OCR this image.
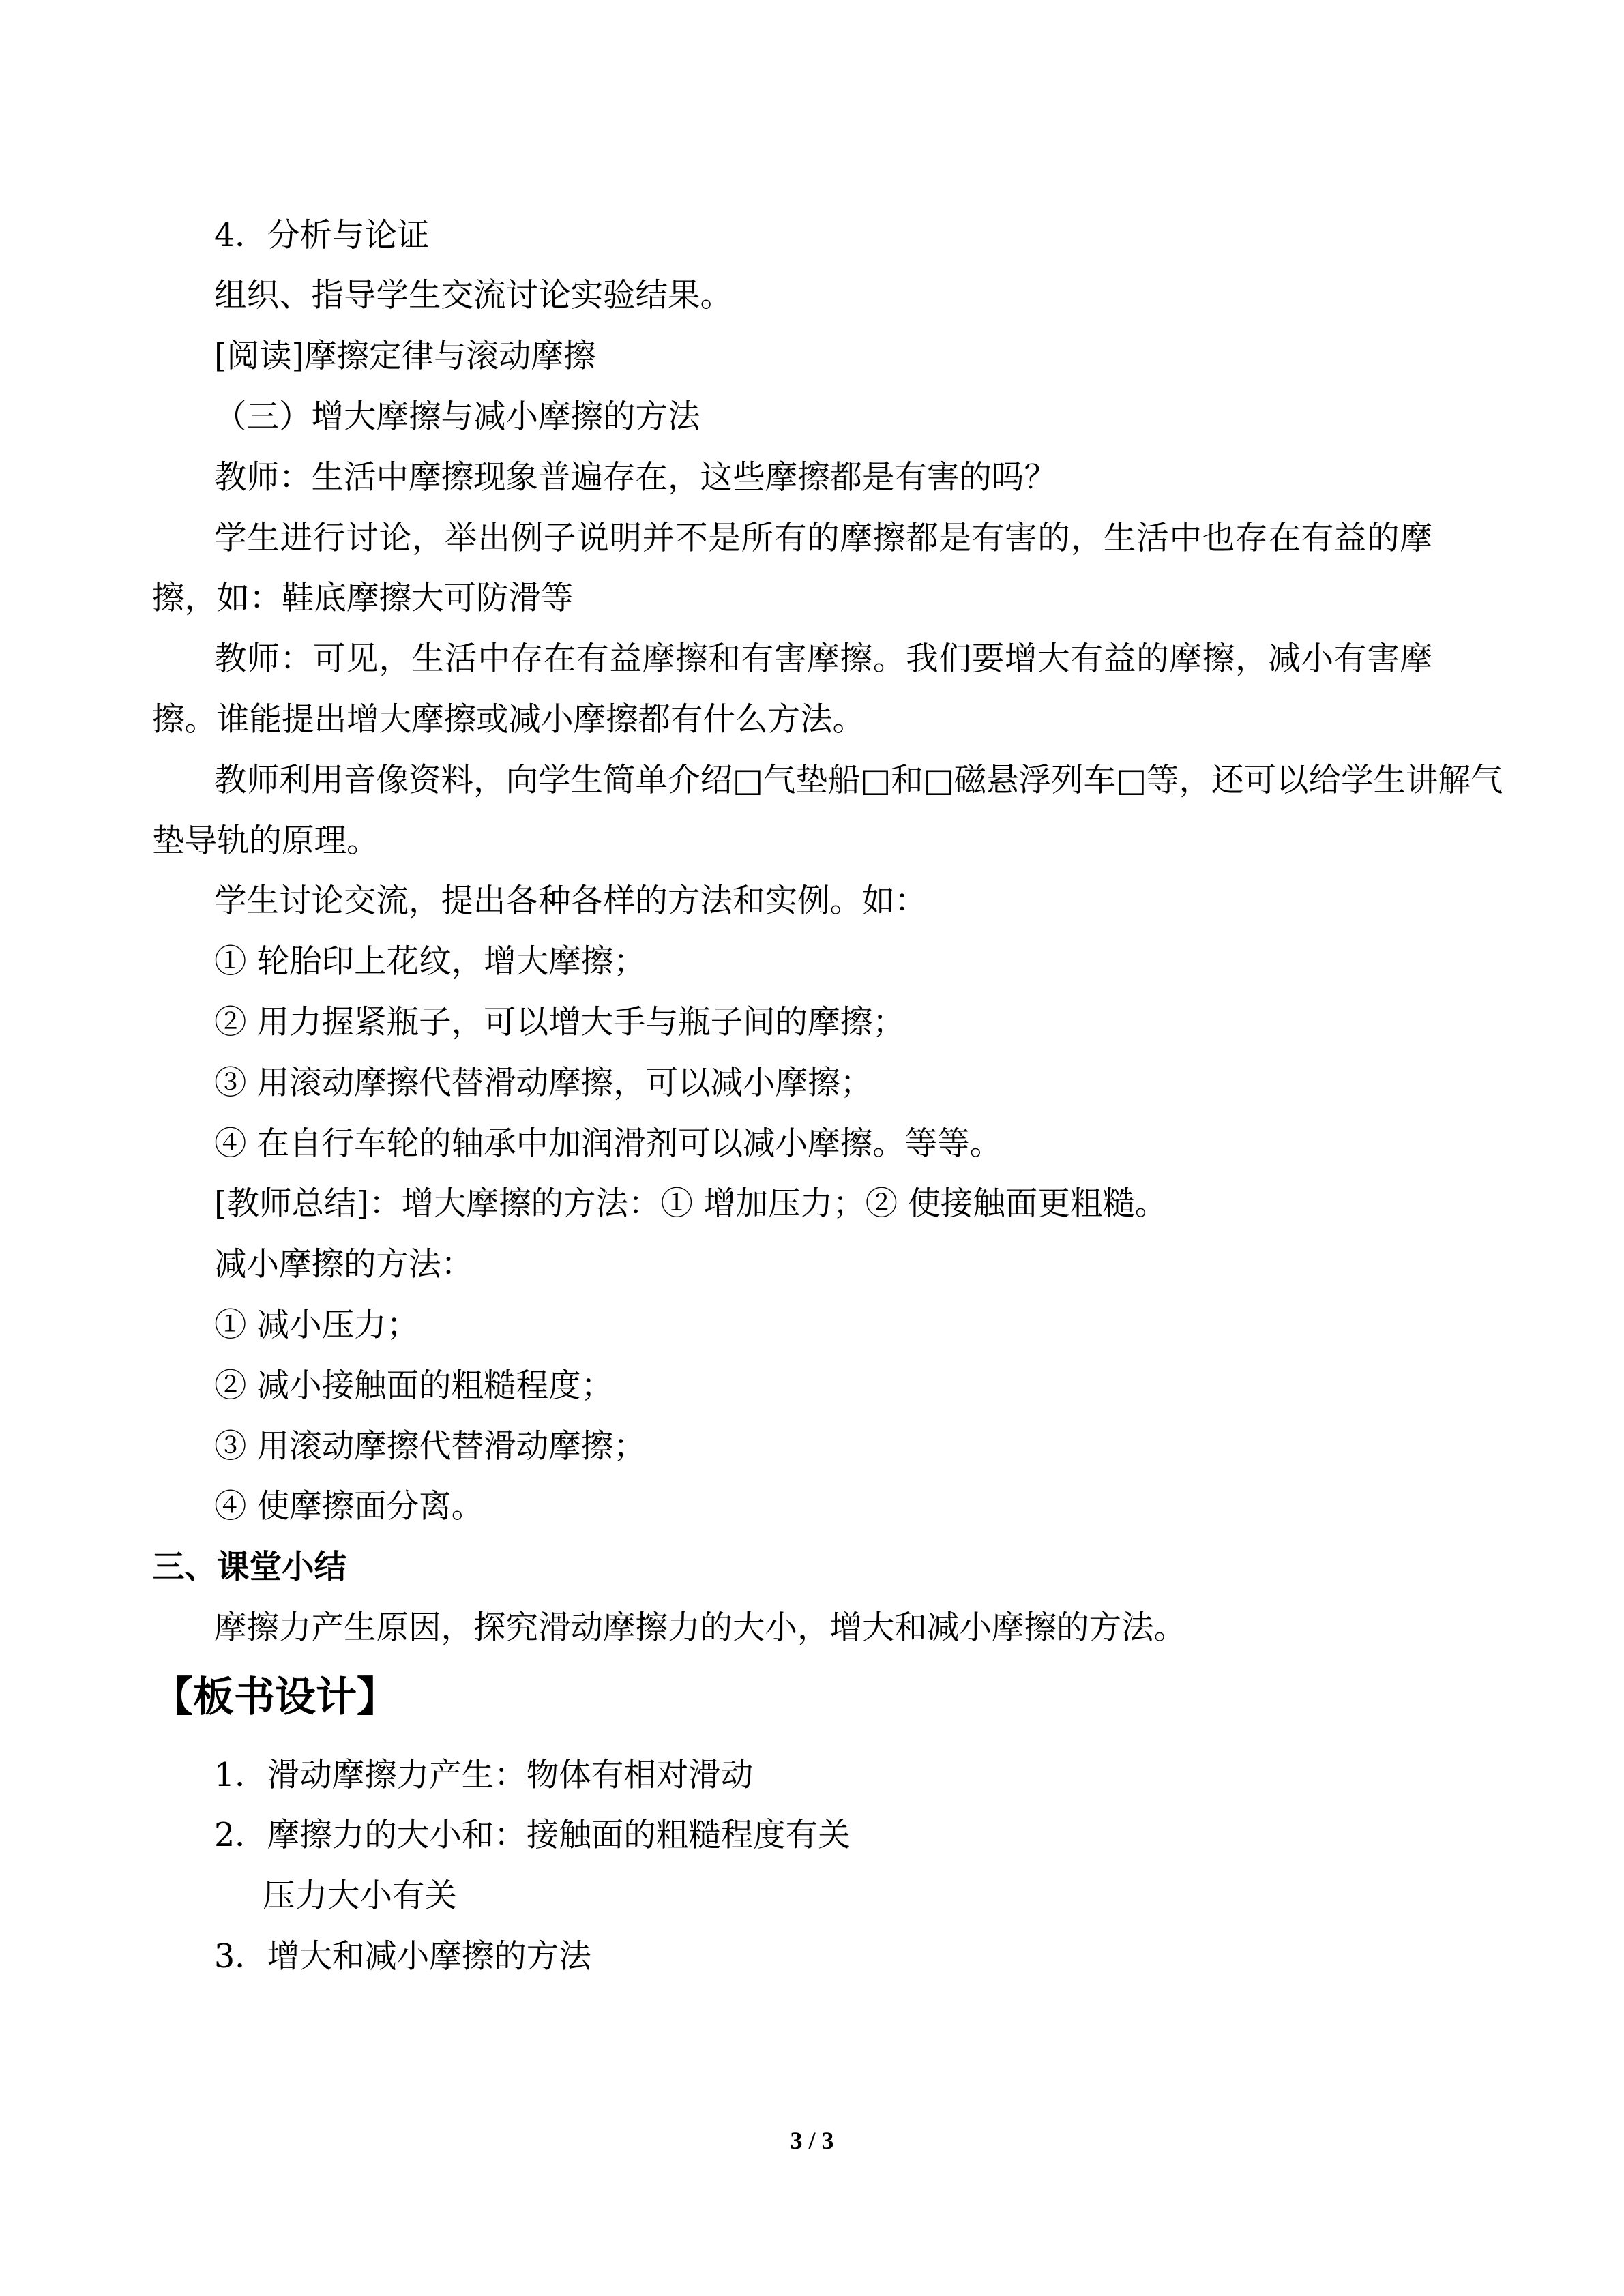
4．分析与论证
组织、指导学生交流讨论实验结果。
[阅读]摩擦定律与滚动摩擦
（三）增大摩擦与减小摩擦的方法
教师：生活中摩擦现象普遍存在，这些摩擦都是有害的吗？
学生进行讨论，举出例子说明并不是所有的摩擦都是有害的，生活中也存在有益的摩
擦，如：鞋底摩擦大可防滑等
教师：可见，生活中存在有益摩擦和有害摩擦。我们要增大有益的摩擦，减小有害摩
擦。谁能提出增大摩擦或减小摩擦都有什么方法。
教师利用音像资料，向学生简单介绍□气垫船□和□磁悬浮列车□等，还可以给学生讲解气
垫导轨的原理。
学生讨论交流，提出各种各样的方法和实例。如：
① 轮胎印上花纹，增大摩擦；
② 用力握紧瓶子，可以增大手与瓶子间的摩擦；
③ 用滚动摩擦代替滑动摩擦，可以减小摩擦；
④ 在自行车轮的轴承中加润滑剂可以减小摩擦。等等。
[教师总结]：增大摩擦的方法：① 增加压力；② 使接触面更粗糙。
减小摩擦的方法：
① 减小压力；
② 减小接触面的粗糙程度；
③ 用滚动摩擦代替滑动摩擦；
④ 使摩擦面分离。
三、课堂小结
摩擦力产生原因，探究滑动摩擦力的大小，增大和减小摩擦的方法。
【板书设计】
1．滑动摩擦力产生：物体有相对滑动
2．摩擦力的大小和：接触面的粗糙程度有关
压力大小有关
3．增大和减小摩擦的方法
3 / 3
